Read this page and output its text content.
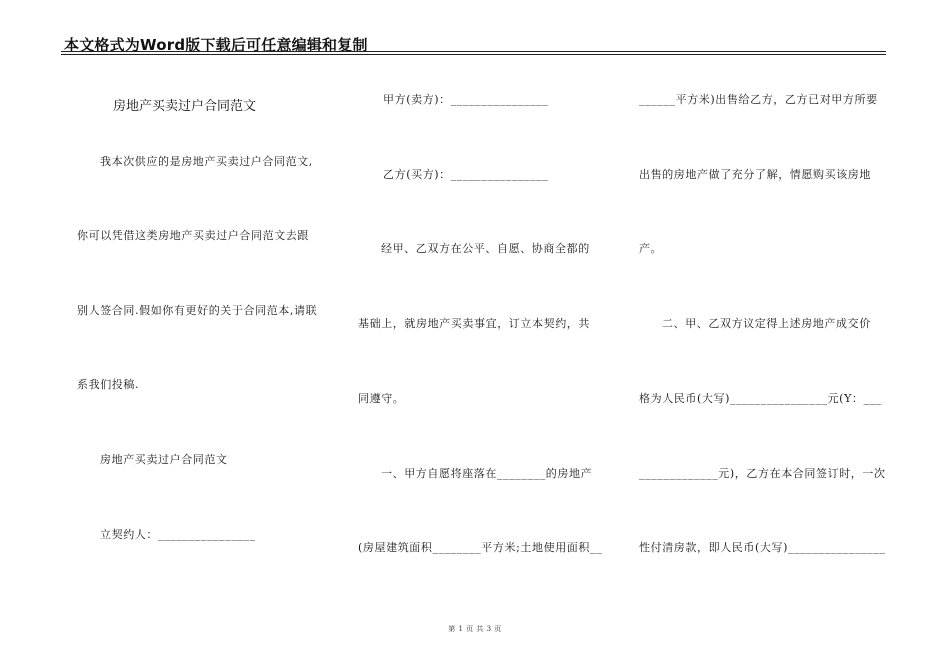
本文格式为Word版下载后可任意编辑和复制
房地产买卖过户合同范文
我本次供应的是房地产买卖过户合同范文,
你可以凭借这类房地产买卖过户合同范文去跟
别人签合同.假如你有更好的关于合同范本,请联
系我们投稿.
房地产买卖过户合同范文
立契约人：________________
甲方(卖方)：________________
乙方(买方)：________________
经甲、乙双方在公平、自愿、协商全都的
基础上，就房地产买卖事宜，订立本契约，共
同遵守。
一、甲方自愿将座落在________的房地产
(房屋建筑面积________平方米;土地使用面积__
______平方米)出售给乙方，乙方已对甲方所要
出售的房地产做了充分了解，情愿购买该房地
产。
二、甲、乙双方议定得上述房地产成交价
格为人民币(大写)________________元(Y：___
_____________元)，乙方在本合同签订时，一次
性付清房款，即人民币(大写)________________
第 1 页 共 3 页
